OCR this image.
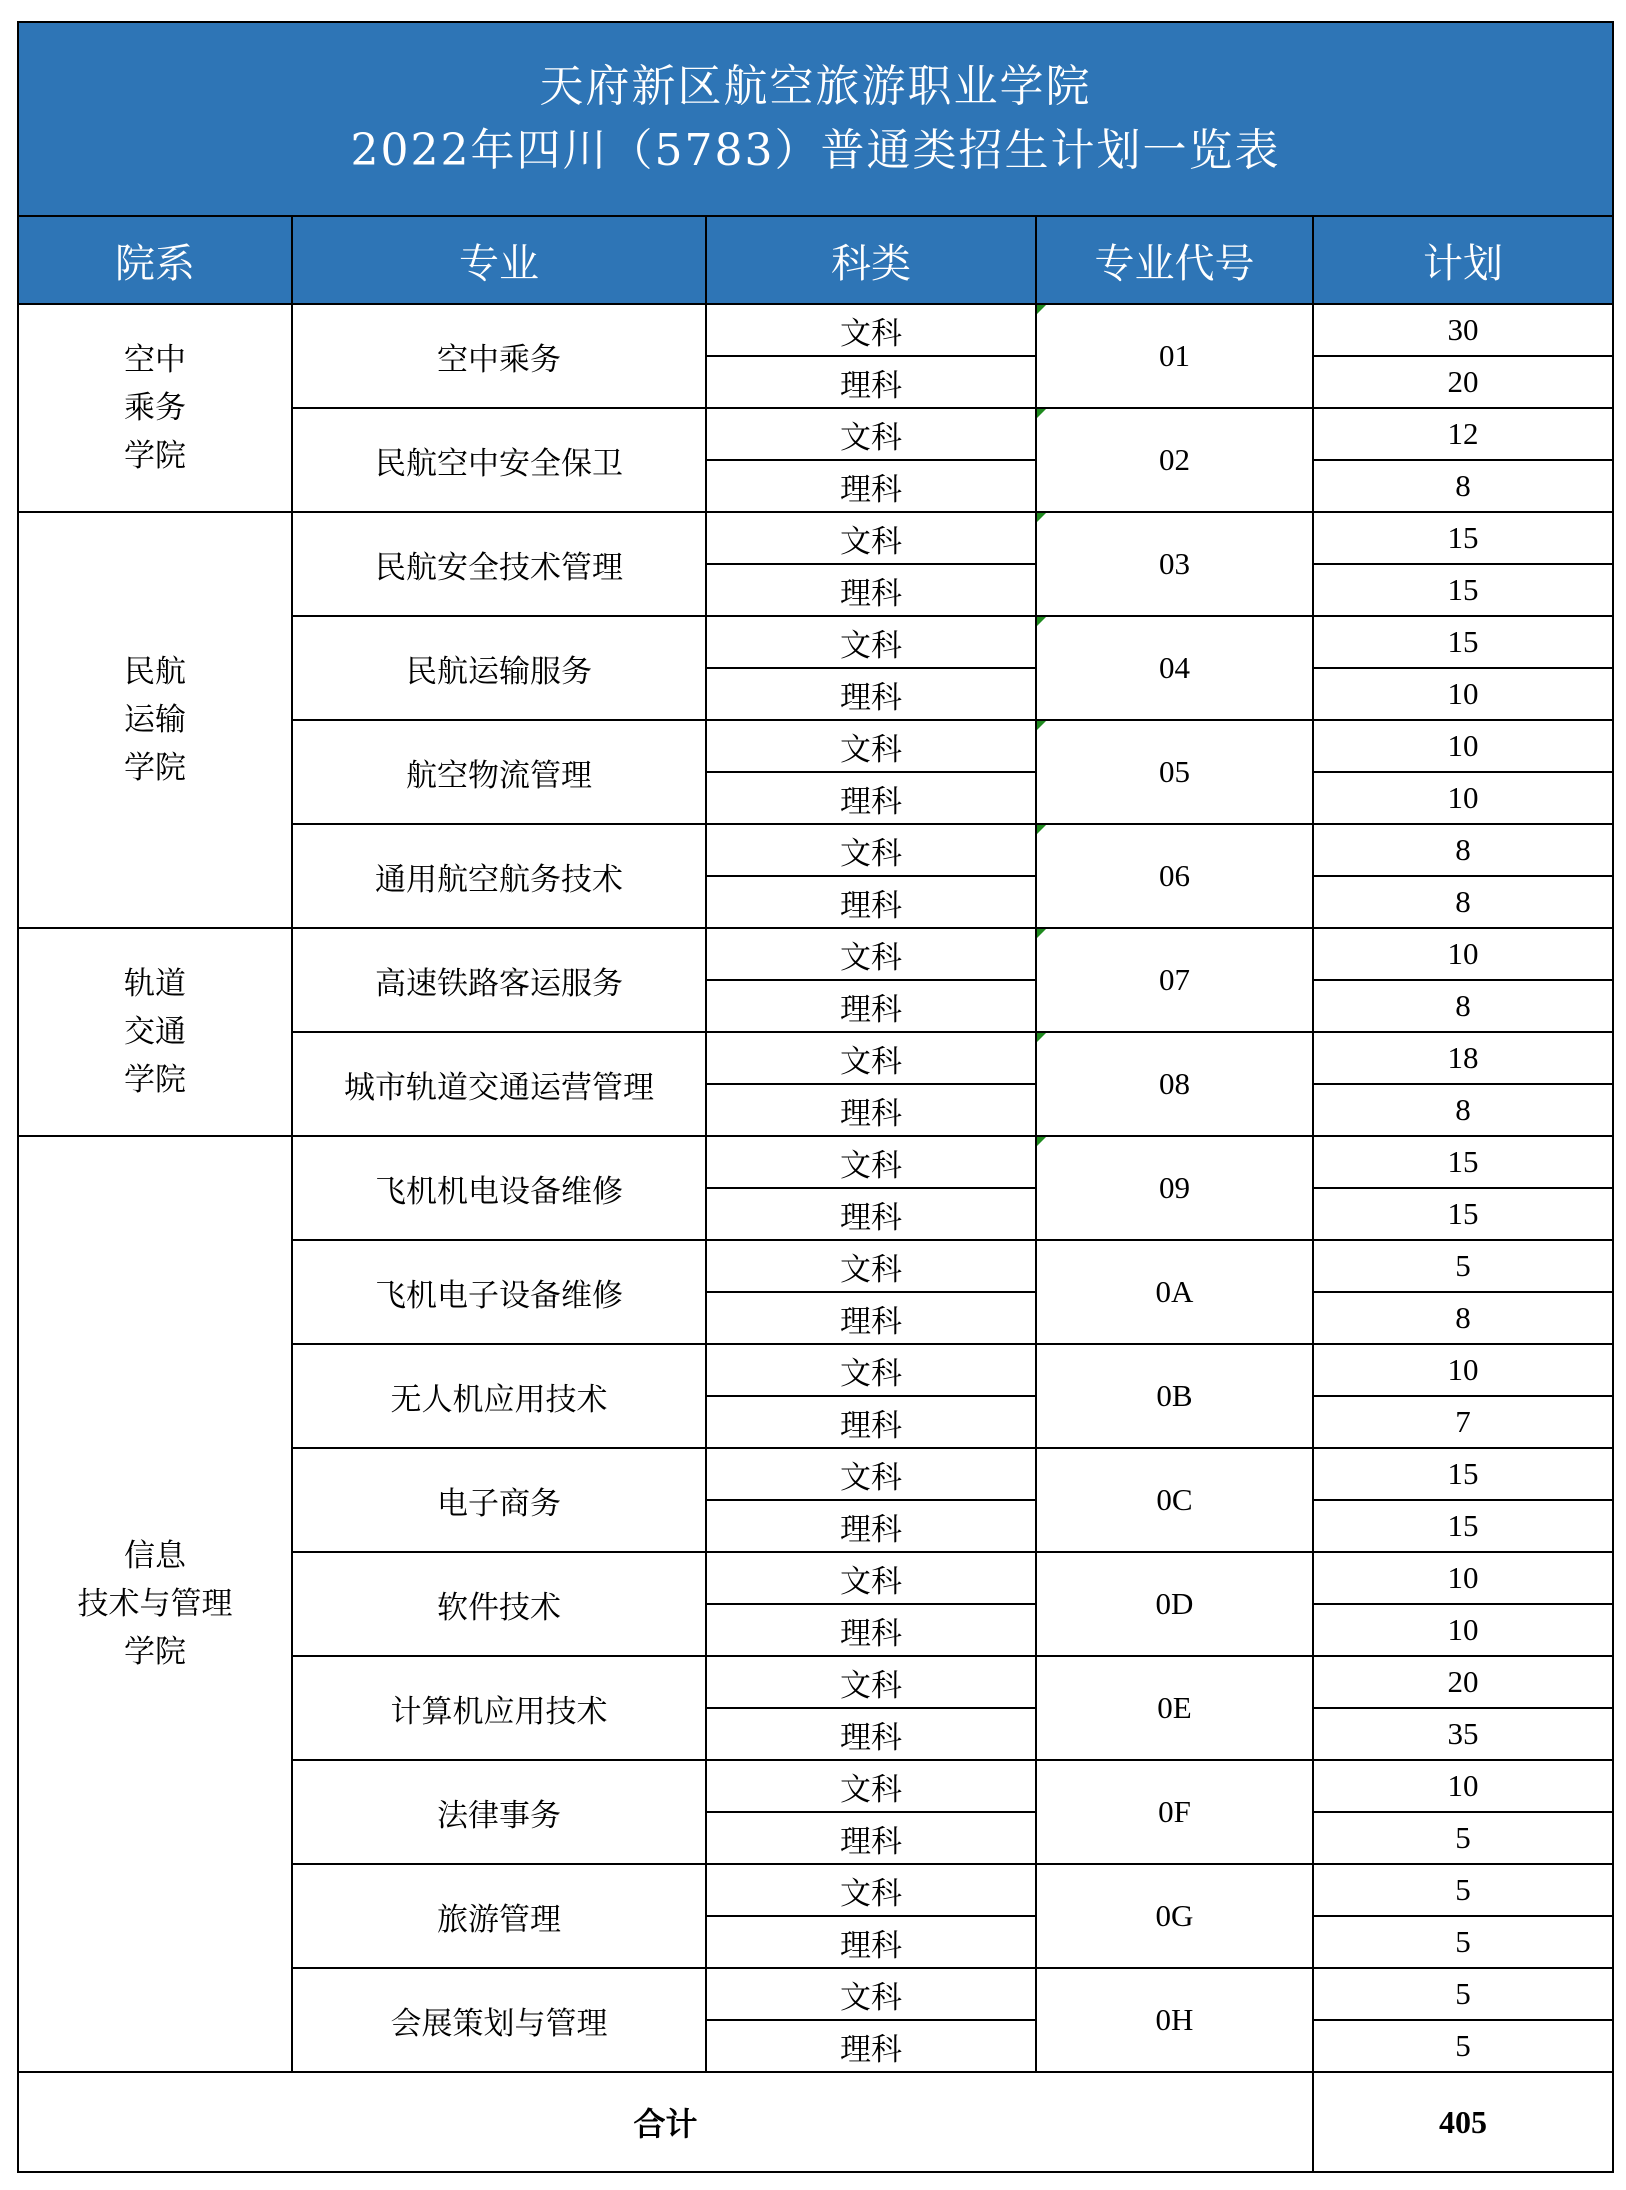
天府新区航空旅游职业学院
2022年四川（5783）普通类招生计划一览表				

院系	专业	科类	专业代号	计划

空中
乘务
学院	空中乘务	文科	01	30
		理科		20
	民航空中安全保卫	文科	02	12
		理科		8

民航
运输
学院	民航安全技术管理	文科	03	15
		理科		15
	民航运输服务	文科	04	15
		理科		10
	航空物流管理	文科	05	10
		理科		10
	通用航空航务技术	文科	06	8
		理科		8

轨道
交通
学院	高速铁路客运服务	文科	07	10
		理科		8
	城市轨道交通运营管理	文科	08	18
		理科		8

信息
技术与管理
学院	飞机机电设备维修	文科	09	15
		理科		15
	飞机电子设备维修	文科	0A	5
		理科		8
	无人机应用技术	文科	0B	10
		理科		7
	电子商务	文科	0C	15
		理科		15
	软件技术	文科	0D	10
		理科		10
	计算机应用技术	文科	0E	20
		理科		35
	法律事务	文科	0F	10
		理科		5
	旅游管理	文科	0G	5
		理科		5
	会展策划与管理	文科	0H	5
		理科		5
合计				405
